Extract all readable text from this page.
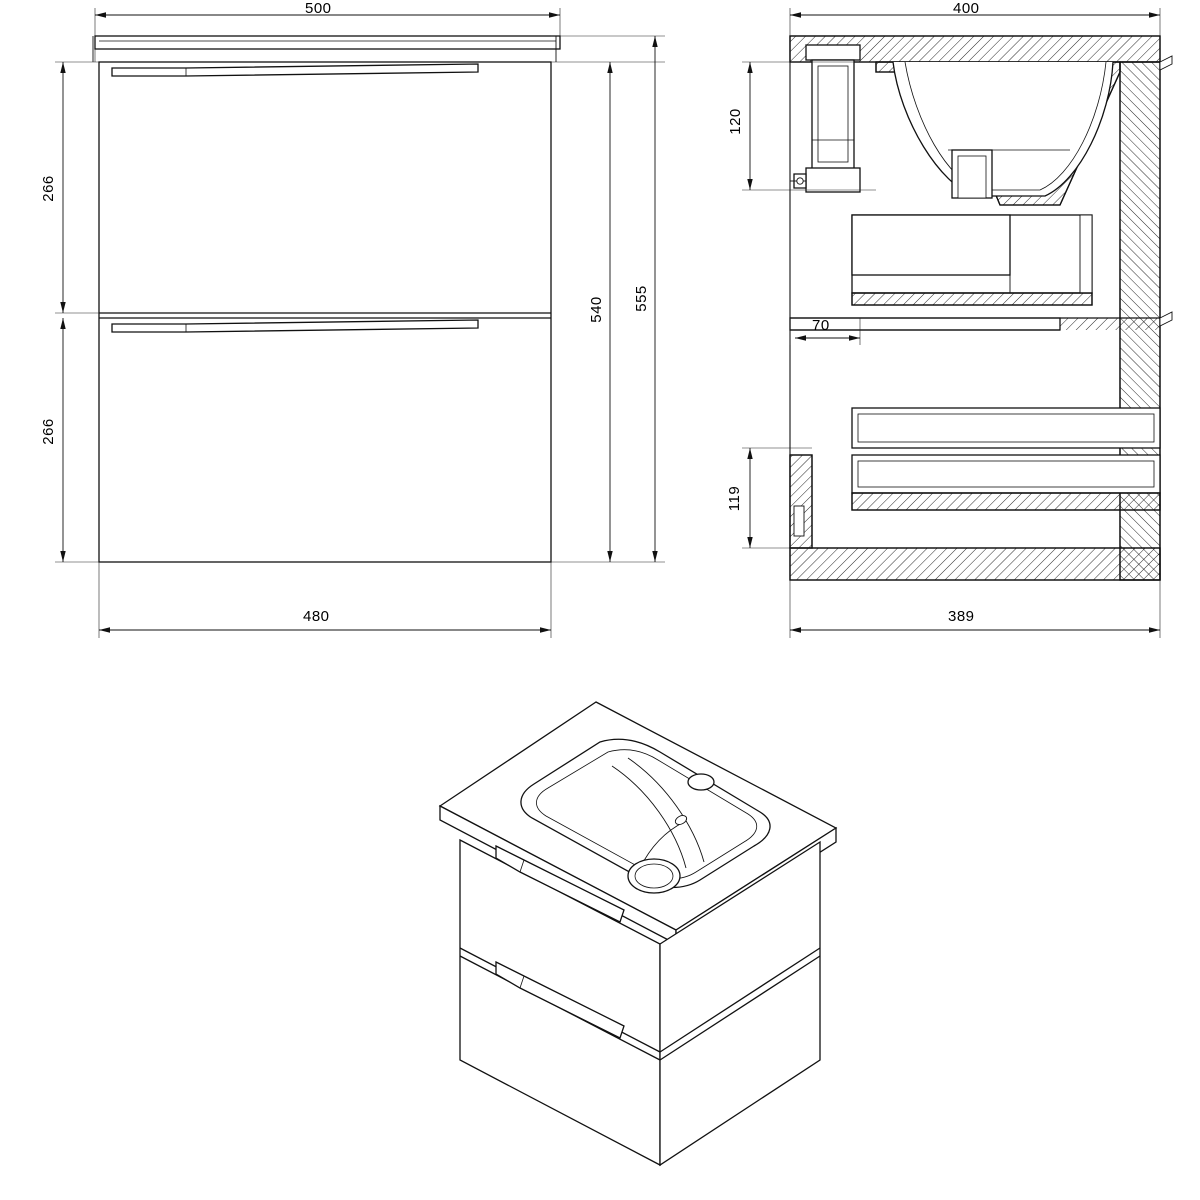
500
266
266
540 555
480
400
120
70
119
389
